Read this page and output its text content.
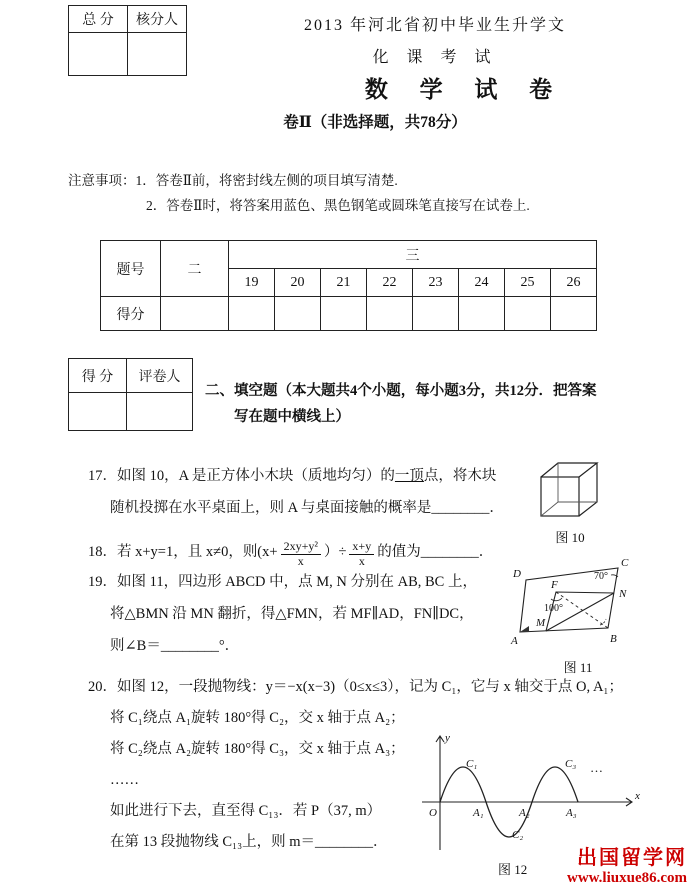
总 分	核分人
		2013 年河北省初中毕业生升学文
化 课 考 试
数 学 试 卷
卷Ⅱ（非选择题，共78分）
注意事项：1．答卷Ⅱ前，将密封线左侧的项目填写清楚.
2．答卷Ⅱ时，将答案用蓝色、黑色钢笔或圆珠笔直接写在试卷上.
题号	二	三							
		19	20	21	22	23	24	25	26
得分									
得 分	评卷人

二、填空题（本大题共4个小题，每小题3分，共12分．把答案
写在题中横线上）
17．如图 10，A 是正方体小木块（质地均匀）的一顶点，将木块
随机投掷在水平桌面上，则 A 与桌面接触的概率是________．
图 10
18．若 x+y=1，且 x≠0，则($x+ \frac{\text{2xy+y²}}{x}$ ）÷ $\frac{x+y}{x}$ 的值为________．
19．如图 11，四边形 ABCD 中，点 M, N 分别在 AB, BC 上，
将△BMN 沿 MN 翻折，得△FMN，若 MF∥AD，FN∥DC，
则∠B＝________°．
D
C
N
F
M
A	B
70°
100°
图 11
20．如图 12，一段抛物线：y＝−x(x−3)（0≤x≤3），记为 C₁，它与 x 轴交于点 O, A₁；
将 C₁绕点 A₁旋转 180°得 C₂，交 x 轴于点 A₂；
将 C₂绕点 A₂旋转 180°得 C₃，交 x 轴于点 A₃；
……
如此进行下去，直至得 C₁₃．若 P（37, m）
在第 13 段抛物线 C₁₃上，则 m＝________．
O	A₁	A₂	A₃
x
y
C₁
C₂
C₃ …
图 12
出国留学网
www.liuxue86.com
